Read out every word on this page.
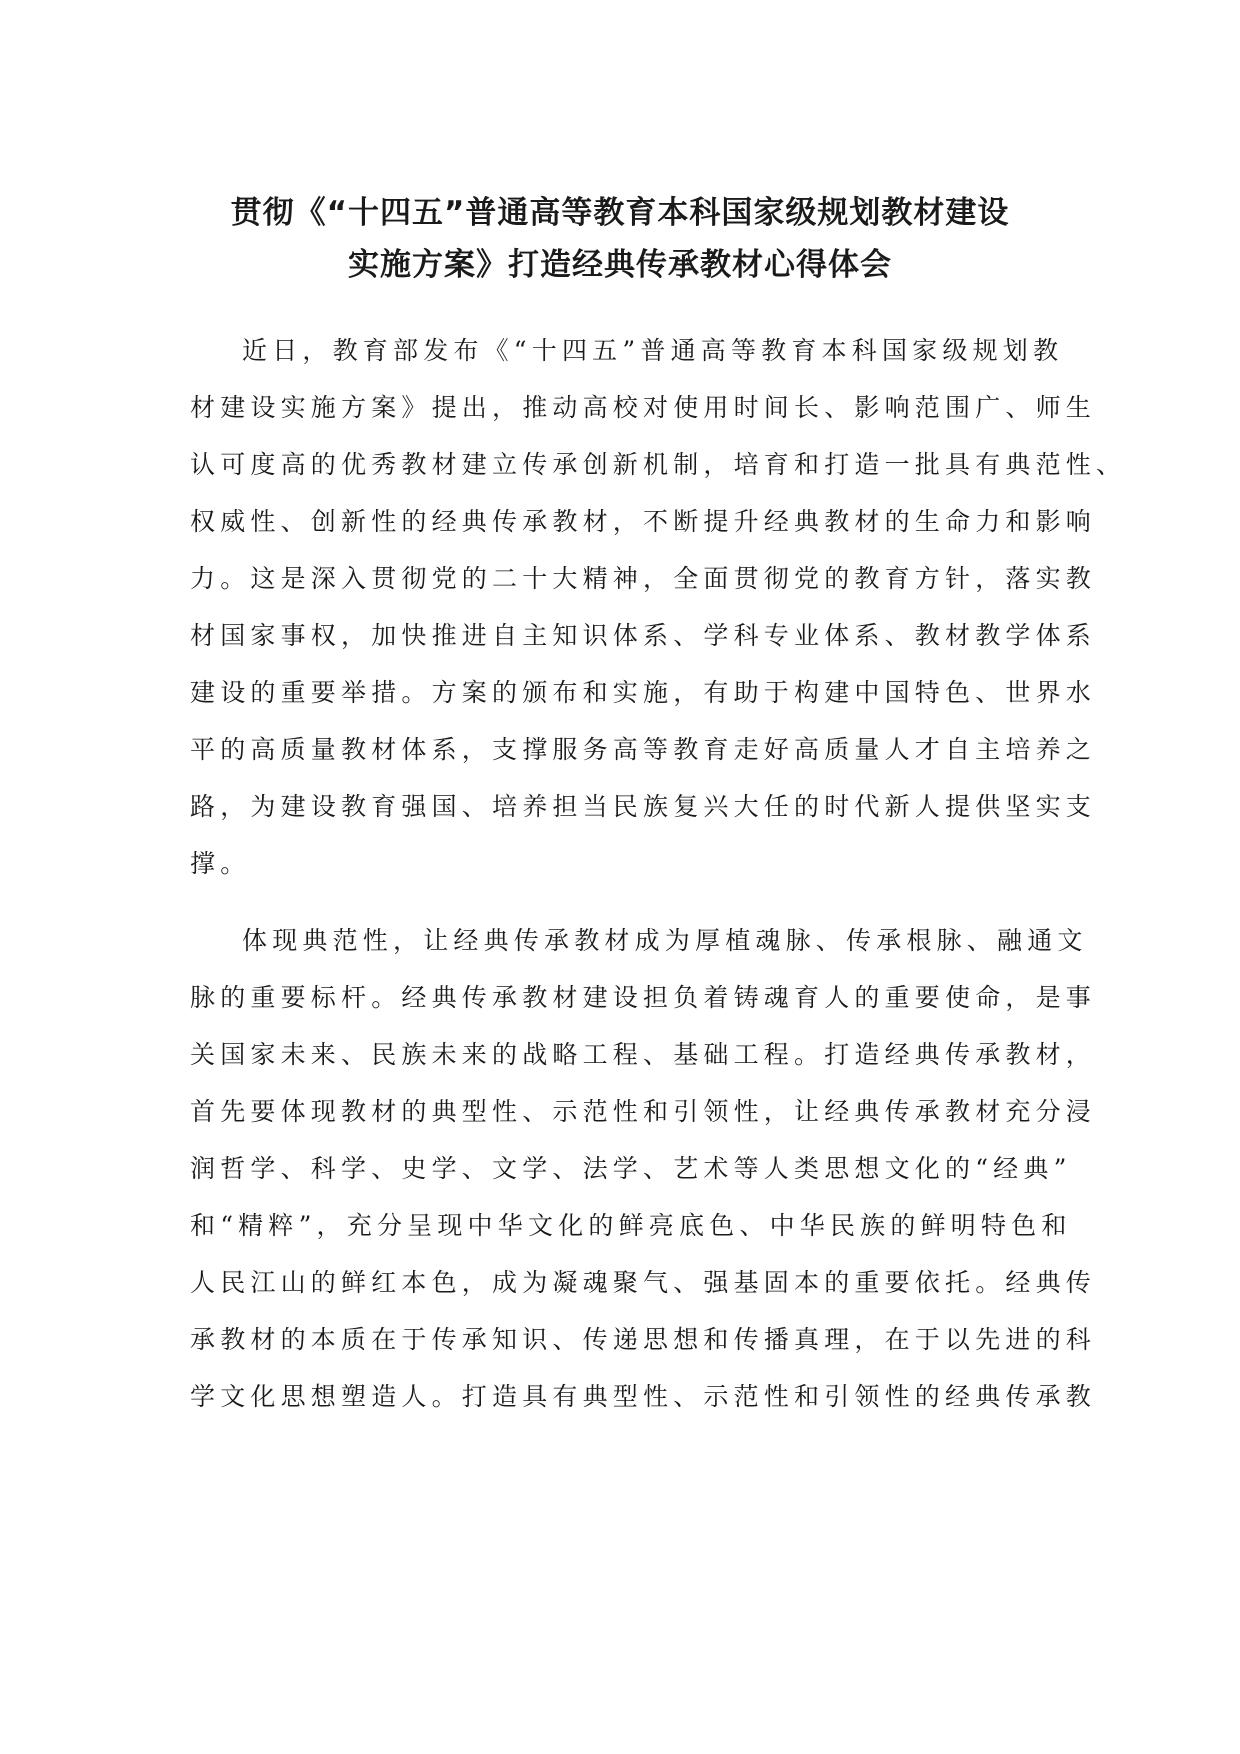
贯彻《“十四五”普通高等教育本科国家级规划教材建设
实施方案》打造经典传承教材心得体会
近日，教育部发布《“十四五”普通高等教育本科国家级规划教
材建设实施方案》提出，推动高校对使用时间长、影响范围广、师生
认可度高的优秀教材建立传承创新机制，培育和打造一批具有典范性、
权威性、创新性的经典传承教材，不断提升经典教材的生命力和影响
力。这是深入贯彻党的二十大精神，全面贯彻党的教育方针，落实教
材国家事权，加快推进自主知识体系、学科专业体系、教材教学体系
建设的重要举措。方案的颁布和实施，有助于构建中国特色、世界水
平的高质量教材体系，支撑服务高等教育走好高质量人才自主培养之
路，为建设教育强国、培养担当民族复兴大任的时代新人提供坚实支
撑。
体现典范性，让经典传承教材成为厚植魂脉、传承根脉、融通文
脉的重要标杆。经典传承教材建设担负着铸魂育人的重要使命，是事
关国家未来、民族未来的战略工程、基础工程。打造经典传承教材，
首先要体现教材的典型性、示范性和引领性，让经典传承教材充分浸
润哲学、科学、史学、文学、法学、艺术等人类思想文化的“经典”
和“精粹”，充分呈现中华文化的鲜亮底色、中华民族的鲜明特色和
人民江山的鲜红本色，成为凝魂聚气、强基固本的重要依托。经典传
承教材的本质在于传承知识、传递思想和传播真理，在于以先进的科
学文化思想塑造人。打造具有典型性、示范性和引领性的经典传承教
